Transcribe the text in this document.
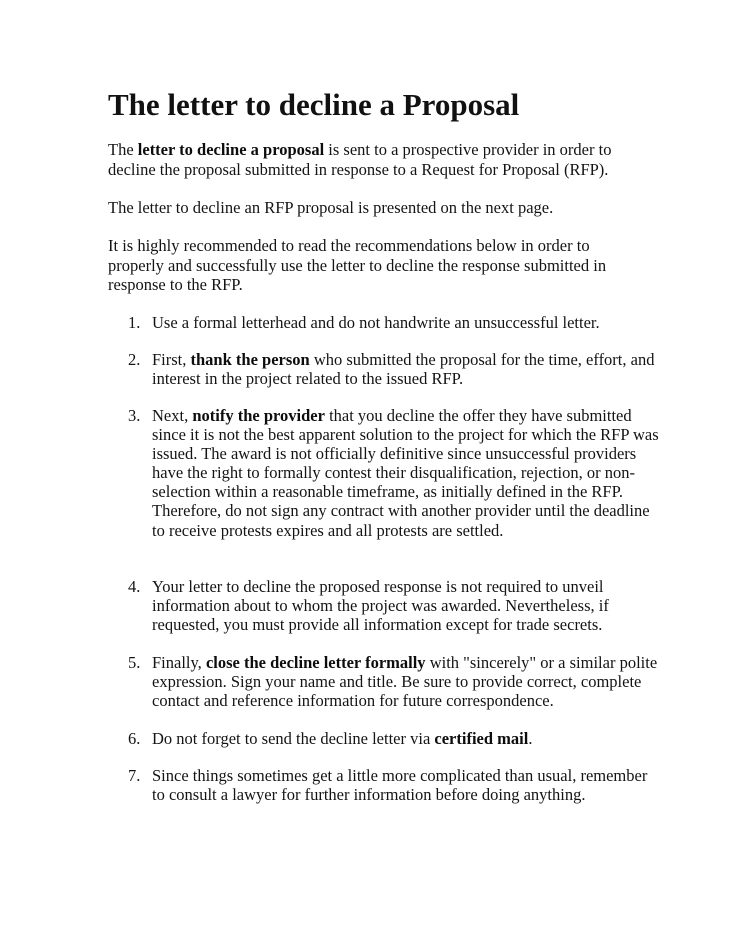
The letter to decline a Proposal

The letter to decline a proposal is sent to a prospective provider in order to decline the proposal submitted in response to a Request for Proposal (RFP).

The letter to decline an RFP proposal is presented on the next page.

It is highly recommended to read the recommendations below in order to properly and successfully use the letter to decline the response submitted in response to the RFP.

1. Use a formal letterhead and do not handwrite an unsuccessful letter.
2. First, thank the person who submitted the proposal for the time, effort, and interest in the project related to the issued RFP.
3. Next, notify the provider that you decline the offer they have submitted since it is not the best apparent solution to the project for which the RFP was issued. The award is not officially definitive since unsuccessful providers have the right to formally contest their disqualification, rejection, or non-selection within a reasonable timeframe, as initially defined in the RFP. Therefore, do not sign any contract with another provider until the deadline to receive protests expires and all protests are settled.
4. Your letter to decline the proposed response is not required to unveil information about to whom the project was awarded. Nevertheless, if requested, you must provide all information except for trade secrets.
5. Finally, close the decline letter formally with "sincerely" or a similar polite expression. Sign your name and title. Be sure to provide correct, complete contact and reference information for future correspondence.
6. Do not forget to send the decline letter via certified mail.
7. Since things sometimes get a little more complicated than usual, remember to consult a lawyer for further information before doing anything.
